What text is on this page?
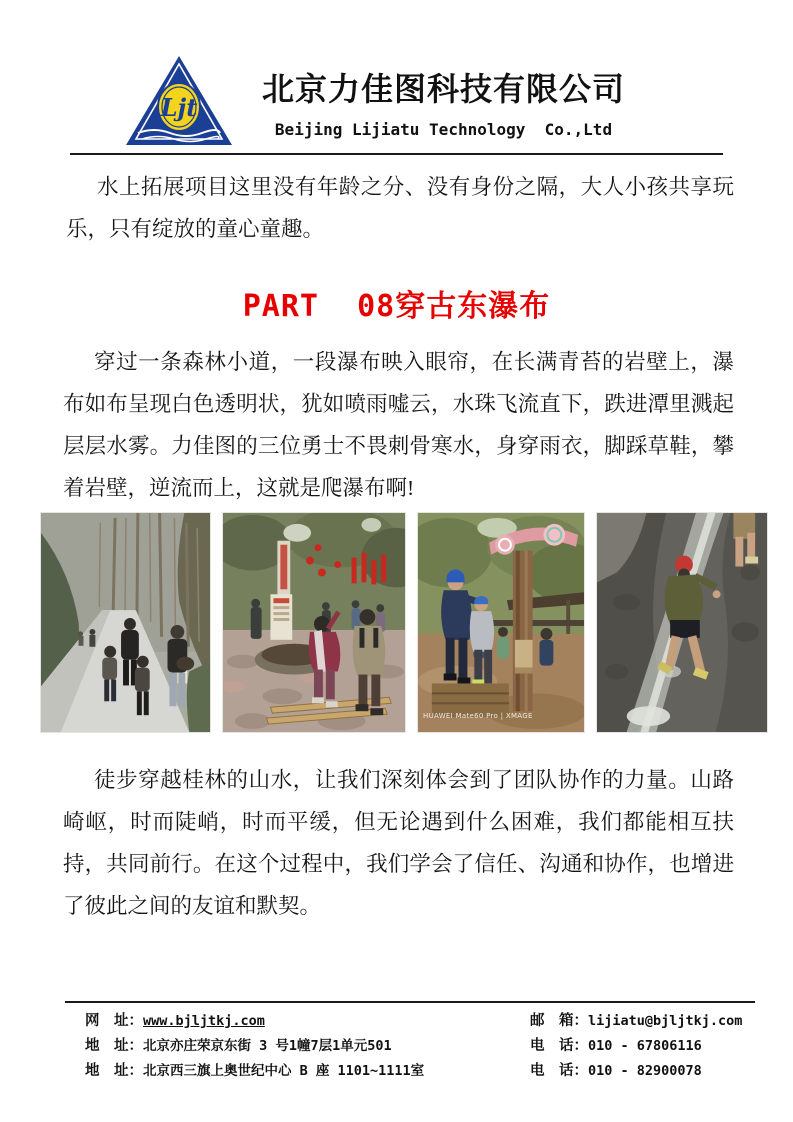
Ljt
北京力佳图科技有限公司
Beijing Lijiatu Technology  Co.,Ltd

水上拓展项目这里没有年龄之分、没有身份之隔，大人小孩共享玩乐，只有绽放的童心童趣。

PART  08穿古东瀑布

穿过一条森林小道，一段瀑布映入眼帘，在长满青苔的岩壁上，瀑布如布呈现白色透明状，犹如喷雨嘘云，水珠飞流直下，跌进潭里溅起层层水雾。力佳图的三位勇士不畏刺骨寒水，身穿雨衣，脚踩草鞋，攀着岩壁，逆流而上，这就是爬瀑布啊!

HUAWEI Mate60 Pro | XMAGE

徒步穿越桂林的山水，让我们深刻体会到了团队协作的力量。山路崎岖，时而陡峭，时而平缓，但无论遇到什么困难，我们都能相互扶持，共同前行。在这个过程中，我们学会了信任、沟通和协作，也增进了彼此之间的友谊和默契。

网　址： www.bjljtkj.com
地　址： 北京亦庄荣京东街 3 号1幢7层1单元501
地　址： 北京西三旗上奥世纪中心 B 座 1101~1111室
邮　箱： lijiatu@bjljtkj.com
电　话： 010 - 67806116
电　话： 010 - 82900078
